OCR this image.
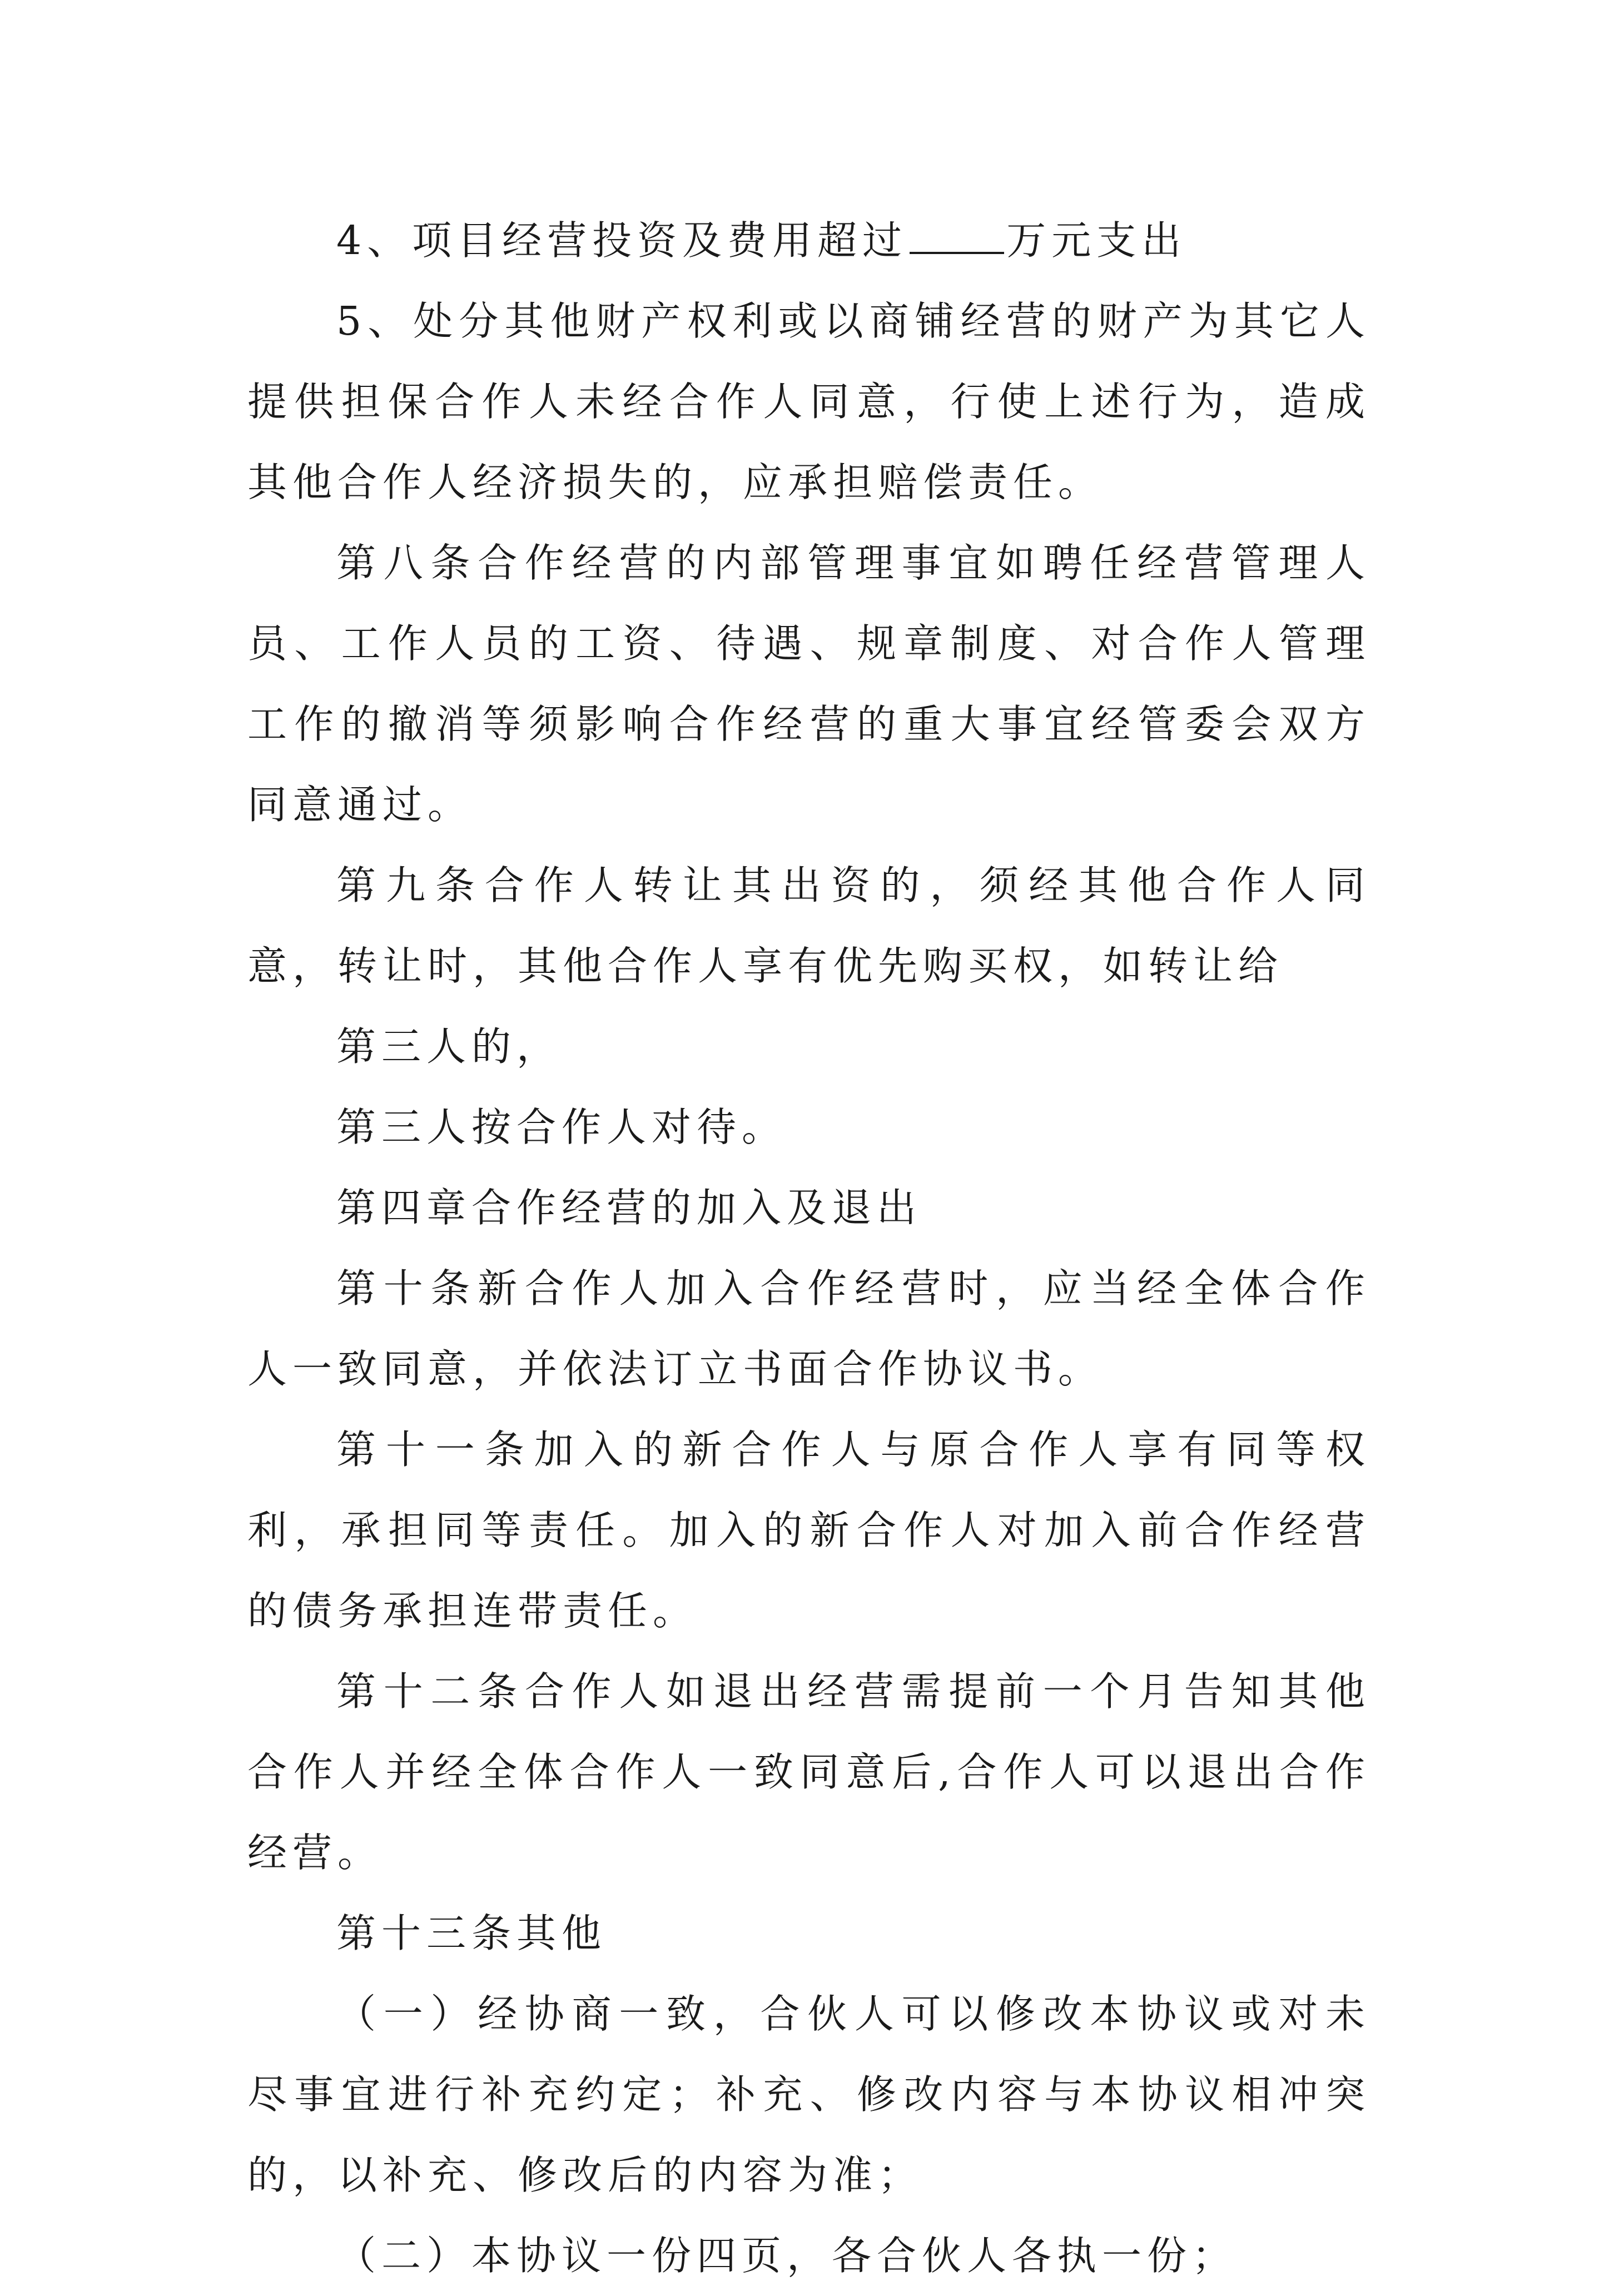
4、项目经营投资及费用超过	万元支出

5、处分其他财产权利或以商铺经营的财产为其它人提供担保合作人未经合作人同意，行使上述行为，造成其他合作人经济损失的，应承担赔偿责任。

第八条合作经营的内部管理事宜如聘任经营管理人员、工作人员的工资、待遇、规章制度、对合作人管理工作的撤消等须影响合作经营的重大事宜经管委会双方同意通过。

第九条合作人转让其出资的，须经其他合作人同意，转让时，其他合作人享有优先购买权，如转让给

第三人的，

第三人按合作人对待。

第四章合作经营的加入及退出

第十条新合作人加入合作经营时，应当经全体合作人一致同意，并依法订立书面合作协议书。

第十一条加入的新合作人与原合作人享有同等权利，承担同等责任。加入的新合作人对加入前合作经营的债务承担连带责任。

第十二条合作人如退出经营需提前一个月告知其他合作人并经全体合作人一致同意后,合作人可以退出合作经营。

第十三条其他

（一）经协商一致，合伙人可以修改本协议或对未尽事宜进行补充约定；补充、修改内容与本协议相冲突的，以补充、修改后的内容为准；

（二）本协议一份四页，各合伙人各执一份；
